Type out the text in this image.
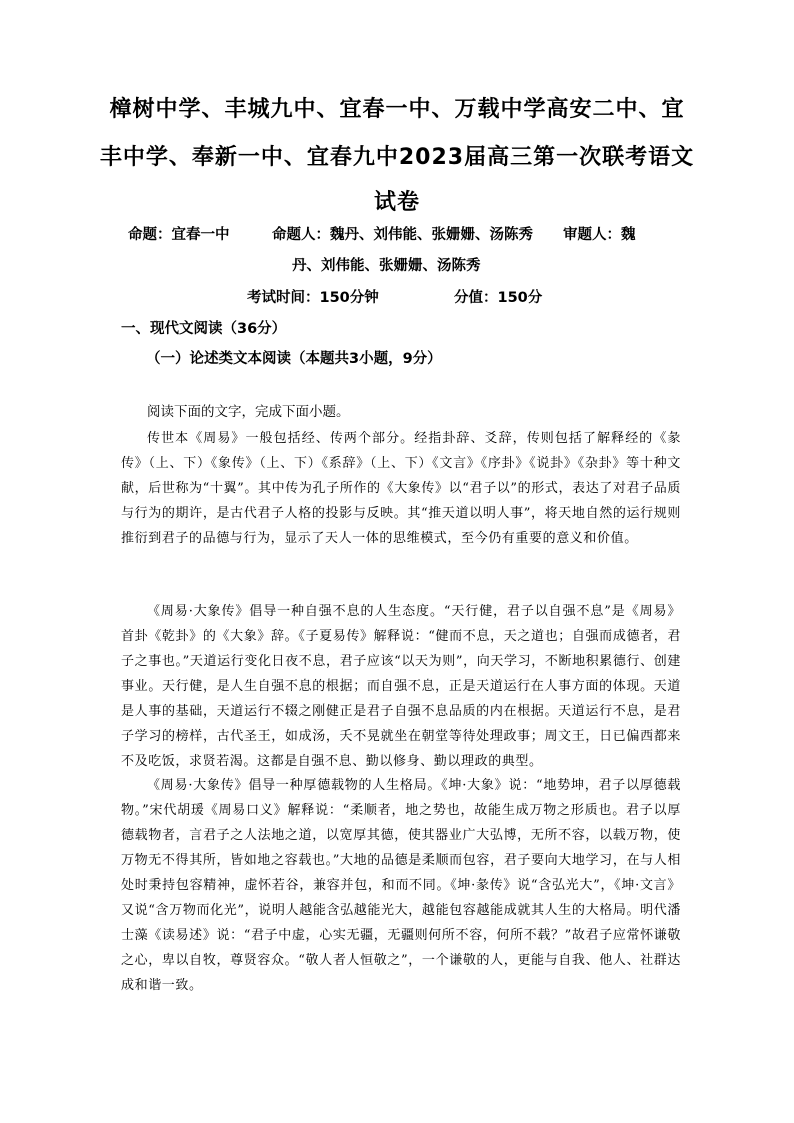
樟树中学、丰城九中、宜春一中、万载中学高安二中、宜
丰中学、奉新一中、宜春九中2023届高三第一次联考语文
试卷
命题：宜春一中	命题人：魏丹、刘伟能、张姗姗、汤陈秀 审题人：魏
丹、刘伟能、张姗姗、汤陈秀
考试时间：150分钟	分值：150分
一、现代文阅读（36分）
（一）论述类文本阅读（本题共3小题，9分）
阅读下面的文字，完成下面小题。
传世本《周易》一般包括经、传两个部分。经指卦辞、爻辞，传则包括了解释经的《彖传》（上、下）《象传》（上、下）《系辞》（上、下）《文言》《序卦》《说卦》《杂卦》等十种文献，后世称为“十翼”。其中传为孔子所作的《大象传》以“君子以”的形式，表达了对君子品质与行为的期许，是古代君子人格的投影与反映。其“推天道以明人事”，将天地自然的运行规则推衍到君子的品德与行为，显示了天人一体的思维模式，至今仍有重要的意义和价值。
《周易·大象传》倡导一种自强不息的人生态度。“天行健，君子以自强不息”是《周易》首卦《乾卦》的《大象》辞。《子夏易传》解释说：“健而不息，天之道也；自强而成德者，君子之事也。”天道运行变化日夜不息，君子应该“以天为则”，向天学习，不断地积累德行、创建事业。天行健，是人生自强不息的根据；而自强不息，正是天道运行在人事方面的体现。天道是人事的基础，天道运行不辍之刚健正是君子自强不息品质的内在根据。天道运行不息，是君子学习的榜样，古代圣王，如成汤，夭不晃就坐在朝堂等待处理政事；周文王，日已偏西都来不及吃饭，求贤若渴。这都是自强不息、勤以修身、勤以理政的典型。
《周易·大象传》倡导一种厚德载物的人生格局。《坤·大象》说：“地势坤，君子以厚德载物。”宋代胡瑗《周易口义》解释说：“柔顺者，地之势也，故能生成万物之形质也。君子以厚德载物者，言君子之人法地之道，以宽厚其德，使其器业广大弘博，无所不容，以载万物，使万物无不得其所，皆如地之容载也。”大地的品德是柔顺而包容，君子要向大地学习，在与人相处时秉持包容精神，虚怀若谷，兼容并包，和而不同。《坤·彖传》说“含弘光大”，《坤·文言》又说“含万物而化光”，说明人越能含弘越能光大，越能包容越能成就其人生的大格局。明代潘士藻《读易述》说：“君子中虚，心实无疆，无疆则何所不容，何所不载？”故君子应常怀谦敬之心，卑以自牧，尊贤容众。“敬人者人恒敬之”，一个谦敬的人，更能与自我、他人、社群达成和谐一致。
